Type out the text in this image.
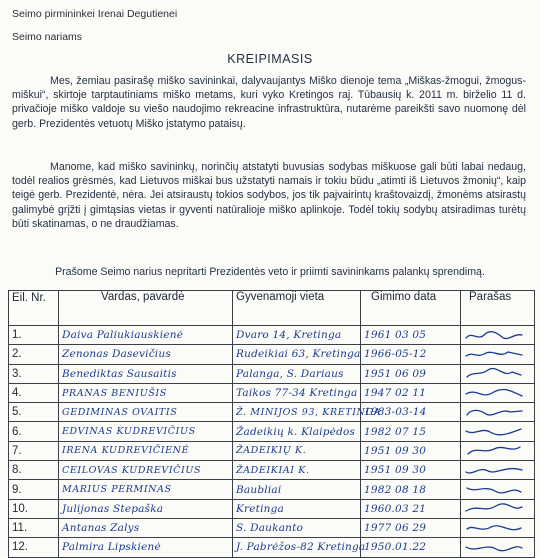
Seimo pirmininkei Irenai Degutienei
Seimo nariams
KREIPIMASIS

Mes, žemiau pasirašę miško savininkai, dalyvaujantys Miško dienoje tema „Miškas-žmogui, žmogus-miškui“, skirtoje tarptautiniams miško metams, kuri vyko Kretingos raj. Tūbausių k. 2011 m. birželio 11 d. privačioje miško valdoje su viešo naudojimo rekreacine infrastruktūra, nutarėme pareikšti savo nuomonę dėl gerb. Prezidentės vetuotų Miško įstatymo pataisų.

Manome, kad miško savininkų, norinčių atstatyti buvusias sodybas miškuose gali būti labai nedaug, todėl realios grėsmės, kad Lietuvos miškai bus užstatyti namais ir tokiu būdu „atimti iš Lietuvos žmonių“, kaip teigė gerb. Prezidentė, nėra. Jei atsiraustų tokios sodybos, jos tik pajvairintų kraštovaizdį, žmonėms atsirastų galimybė grįžti į gimtąsias vietas ir gyventi natūralioje miško aplinkoje. Todėl tokių sodybų atsiradimas turėtų būti skatinamas, o ne draudžiamas.

Prašome Seimo narius nepritarti Prezidentės veto ir priimti savininkams palankų sprendimą.
Eil. Nr.	Vardas, pavardė	Gyvenamoji vieta	Gimimo data	Parašas
1.	Daiva Paliukiauskienė	Dvaro 14, Kretinga	1961 03 05	

2.	Zenonas Dasevičius	Rudeikiai 63, Kretinga	1966-05-12	

3.	Benediktas Sausaitis	Palanga, S. Dariaus	1951 06 09	

4.	PRANAS BENIUŠIS	Taikos 77-34 Kretinga	1947 02 11	

5.	GEDIMINAS OVAITIS	Ž. MINIJOS 93, KRETINGA	1983-03-14	

6.	EDVINAS KUDREVIČIUS	Žadeikių k. Klaipėdos	1982 07 15	

7.	IRENA KUDREVIČIENĖ	ŽADEIKIŲ K.	1951 09 30	

8.	CEILOVAS KUDREVIČIUS	ŽADEIKIAI K.	1951 09 30	

9.	MARIUS PERMINAS	Baubliai	1982 08 18	

10.	Julijonas Stepaška	Kretinga	1960.03 21	

11.	Antanas Zalys	S. Daukanto	1977 06 29	

12.	Palmira Lipskienė	J. Pabrėžos-82 Kretinga	1950.01.22	
